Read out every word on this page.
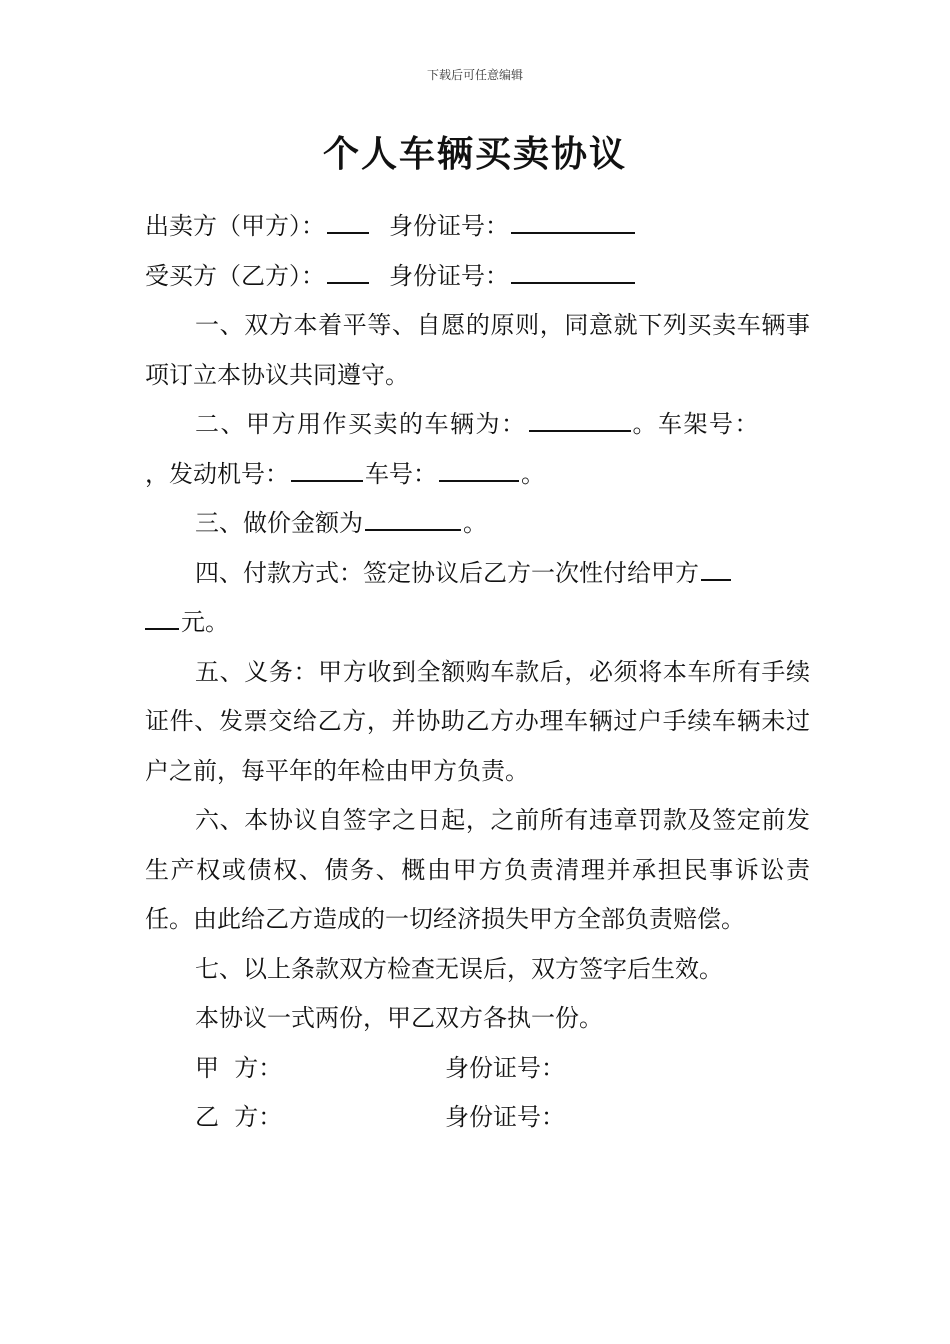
下载后可任意编辑
个人车辆买卖协议
出卖方（甲方）：	身份证号：
受买方（乙方）：	身份证号：
一、双方本着平等、自愿的原则，同意就下列买卖车辆事项订立本协议共同遵守。
二、甲方用作买卖的车辆为：	。车架号：
，发动机号：	车号：	。
三、做价金额为	。
四、付款方式：签定协议后乙方一次性付给甲方
元。
五、义务：甲方收到全额购车款后，必须将本车所有手续证件、发票交给乙方，并协助乙方办理车辆过户手续车辆未过户之前，每平年的年检由甲方负责。
六、本协议自签字之日起，之前所有违章罚款及签定前发生产权或债权、债务、概由甲方负责清理并承担民事诉讼责任。由此给乙方造成的一切经济损失甲方全部负责赔偿。
七、以上条款双方检查无误后，双方签字后生效。
本协议一式两份，甲乙双方各执一份。
甲  方：	身份证号：
乙  方：	身份证号：
